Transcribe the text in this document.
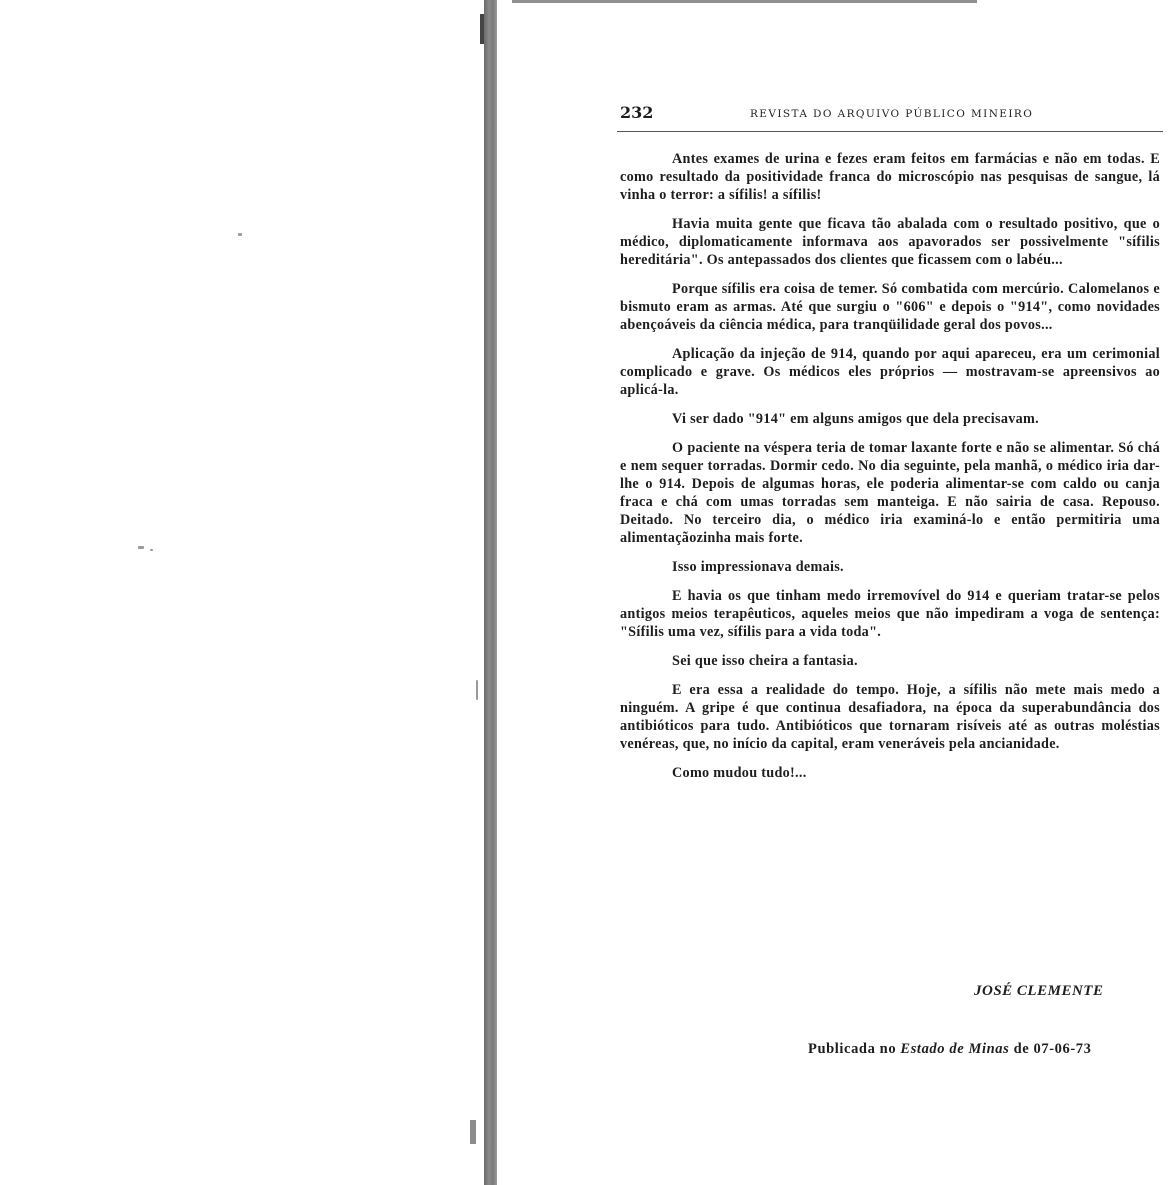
232	REVISTA DO ARQUIVO PÚBLICO MINEIRO

Antes exames de urina e fezes eram feitos em farmácias e não em todas. E como resultado da positividade franca do microscópio nas pesquisas de sangue, lá vinha o terror: a sífilis! a sífilis!

Havia muita gente que ficava tão abalada com o resultado positivo, que o médico, diplomaticamente informava aos apavorados ser possivelmente "sífilis hereditária". Os antepassados dos clientes que ficassem com o labéu...

Porque sífilis era coisa de temer. Só combatida com mercúrio. Calomelanos e bismuto eram as armas. Até que surgiu o "606" e depois o "914", como novidades abençoáveis da ciência médica, para tranqüilidade geral dos povos...

Aplicação da injeção de 914, quando por aqui apareceu, era um cerimonial complicado e grave. Os médicos eles próprios — mostravam-se apreensivos ao aplicá-la.

Vi ser dado "914" em alguns amigos que dela precisavam.

O paciente na véspera teria de tomar laxante forte e não se alimentar. Só chá e nem sequer torradas. Dormir cedo. No dia seguinte, pela manhã, o médico iria dar-lhe o 914. Depois de algumas horas, ele poderia alimentar-se com caldo ou canja fraca e chá com umas torradas sem manteiga. E não sairia de casa. Repouso. Deitado. No terceiro dia, o médico iria examiná-lo e então permitiria uma alimentaçãozinha mais forte.

Isso impressionava demais.

E havia os que tinham medo irremovível do 914 e queriam tratar-se pelos antigos meios terapêuticos, aqueles meios que não impediram a voga de sentença: "Sífilis uma vez, sífilis para a vida toda".

Sei que isso cheira a fantasia.

E era essa a realidade do tempo. Hoje, a sífilis não mete mais medo a ninguém. A gripe é que continua desafiadora, na época da superabundância dos antibióticos para tudo. Antibióticos que tornaram risíveis até as outras moléstias venéreas, que, no início da capital, eram veneráveis pela ancianidade.

Como mudou tudo!...

JOSÉ CLEMENTE
Publicada no Estado de Minas de 07-06-73
